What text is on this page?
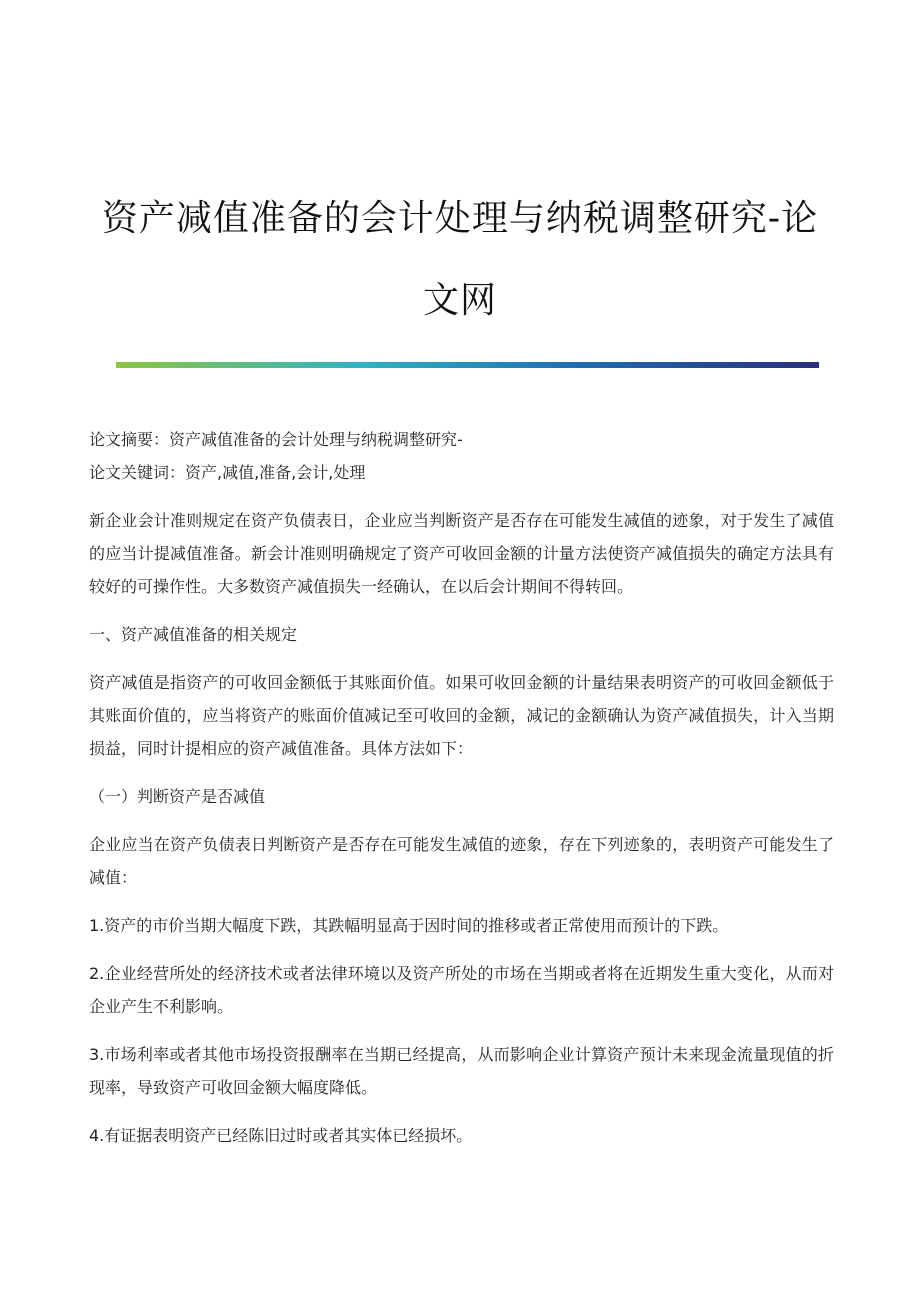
资产减值准备的会计处理与纳税调整研究-论文网

论文摘要：资产减值准备的会计处理与纳税调整研究-

论文关键词：资产,减值,准备,会计,处理

新企业会计准则规定在资产负债表日，企业应当判断资产是否存在可能发生减值的迹象，对于发生了减值的应当计提减值准备。新会计准则明确规定了资产可收回金额的计量方法使资产减值损失的确定方法具有较好的可操作性。大多数资产减值损失一经确认，在以后会计期间不得转回。

一、资产减值准备的相关规定

资产减值是指资产的可收回金额低于其账面价值。如果可收回金额的计量结果表明资产的可收回金额低于其账面价值的，应当将资产的账面价值减记至可收回的金额，减记的金额确认为资产减值损失，计入当期损益，同时计提相应的资产减值准备。具体方法如下：

（一）判断资产是否减值

企业应当在资产负债表日判断资产是否存在可能发生减值的迹象，存在下列迹象的，表明资产可能发生了减值：

1.资产的市价当期大幅度下跌，其跌幅明显高于因时间的推移或者正常使用而预计的下跌。

2.企业经营所处的经济技术或者法律环境以及资产所处的市场在当期或者将在近期发生重大变化，从而对企业产生不利影响。

3.市场利率或者其他市场投资报酬率在当期已经提高，从而影响企业计算资产预计未来现金流量现值的折现率，导致资产可收回金额大幅度降低。

4.有证据表明资产已经陈旧过时或者其实体已经损坏。
